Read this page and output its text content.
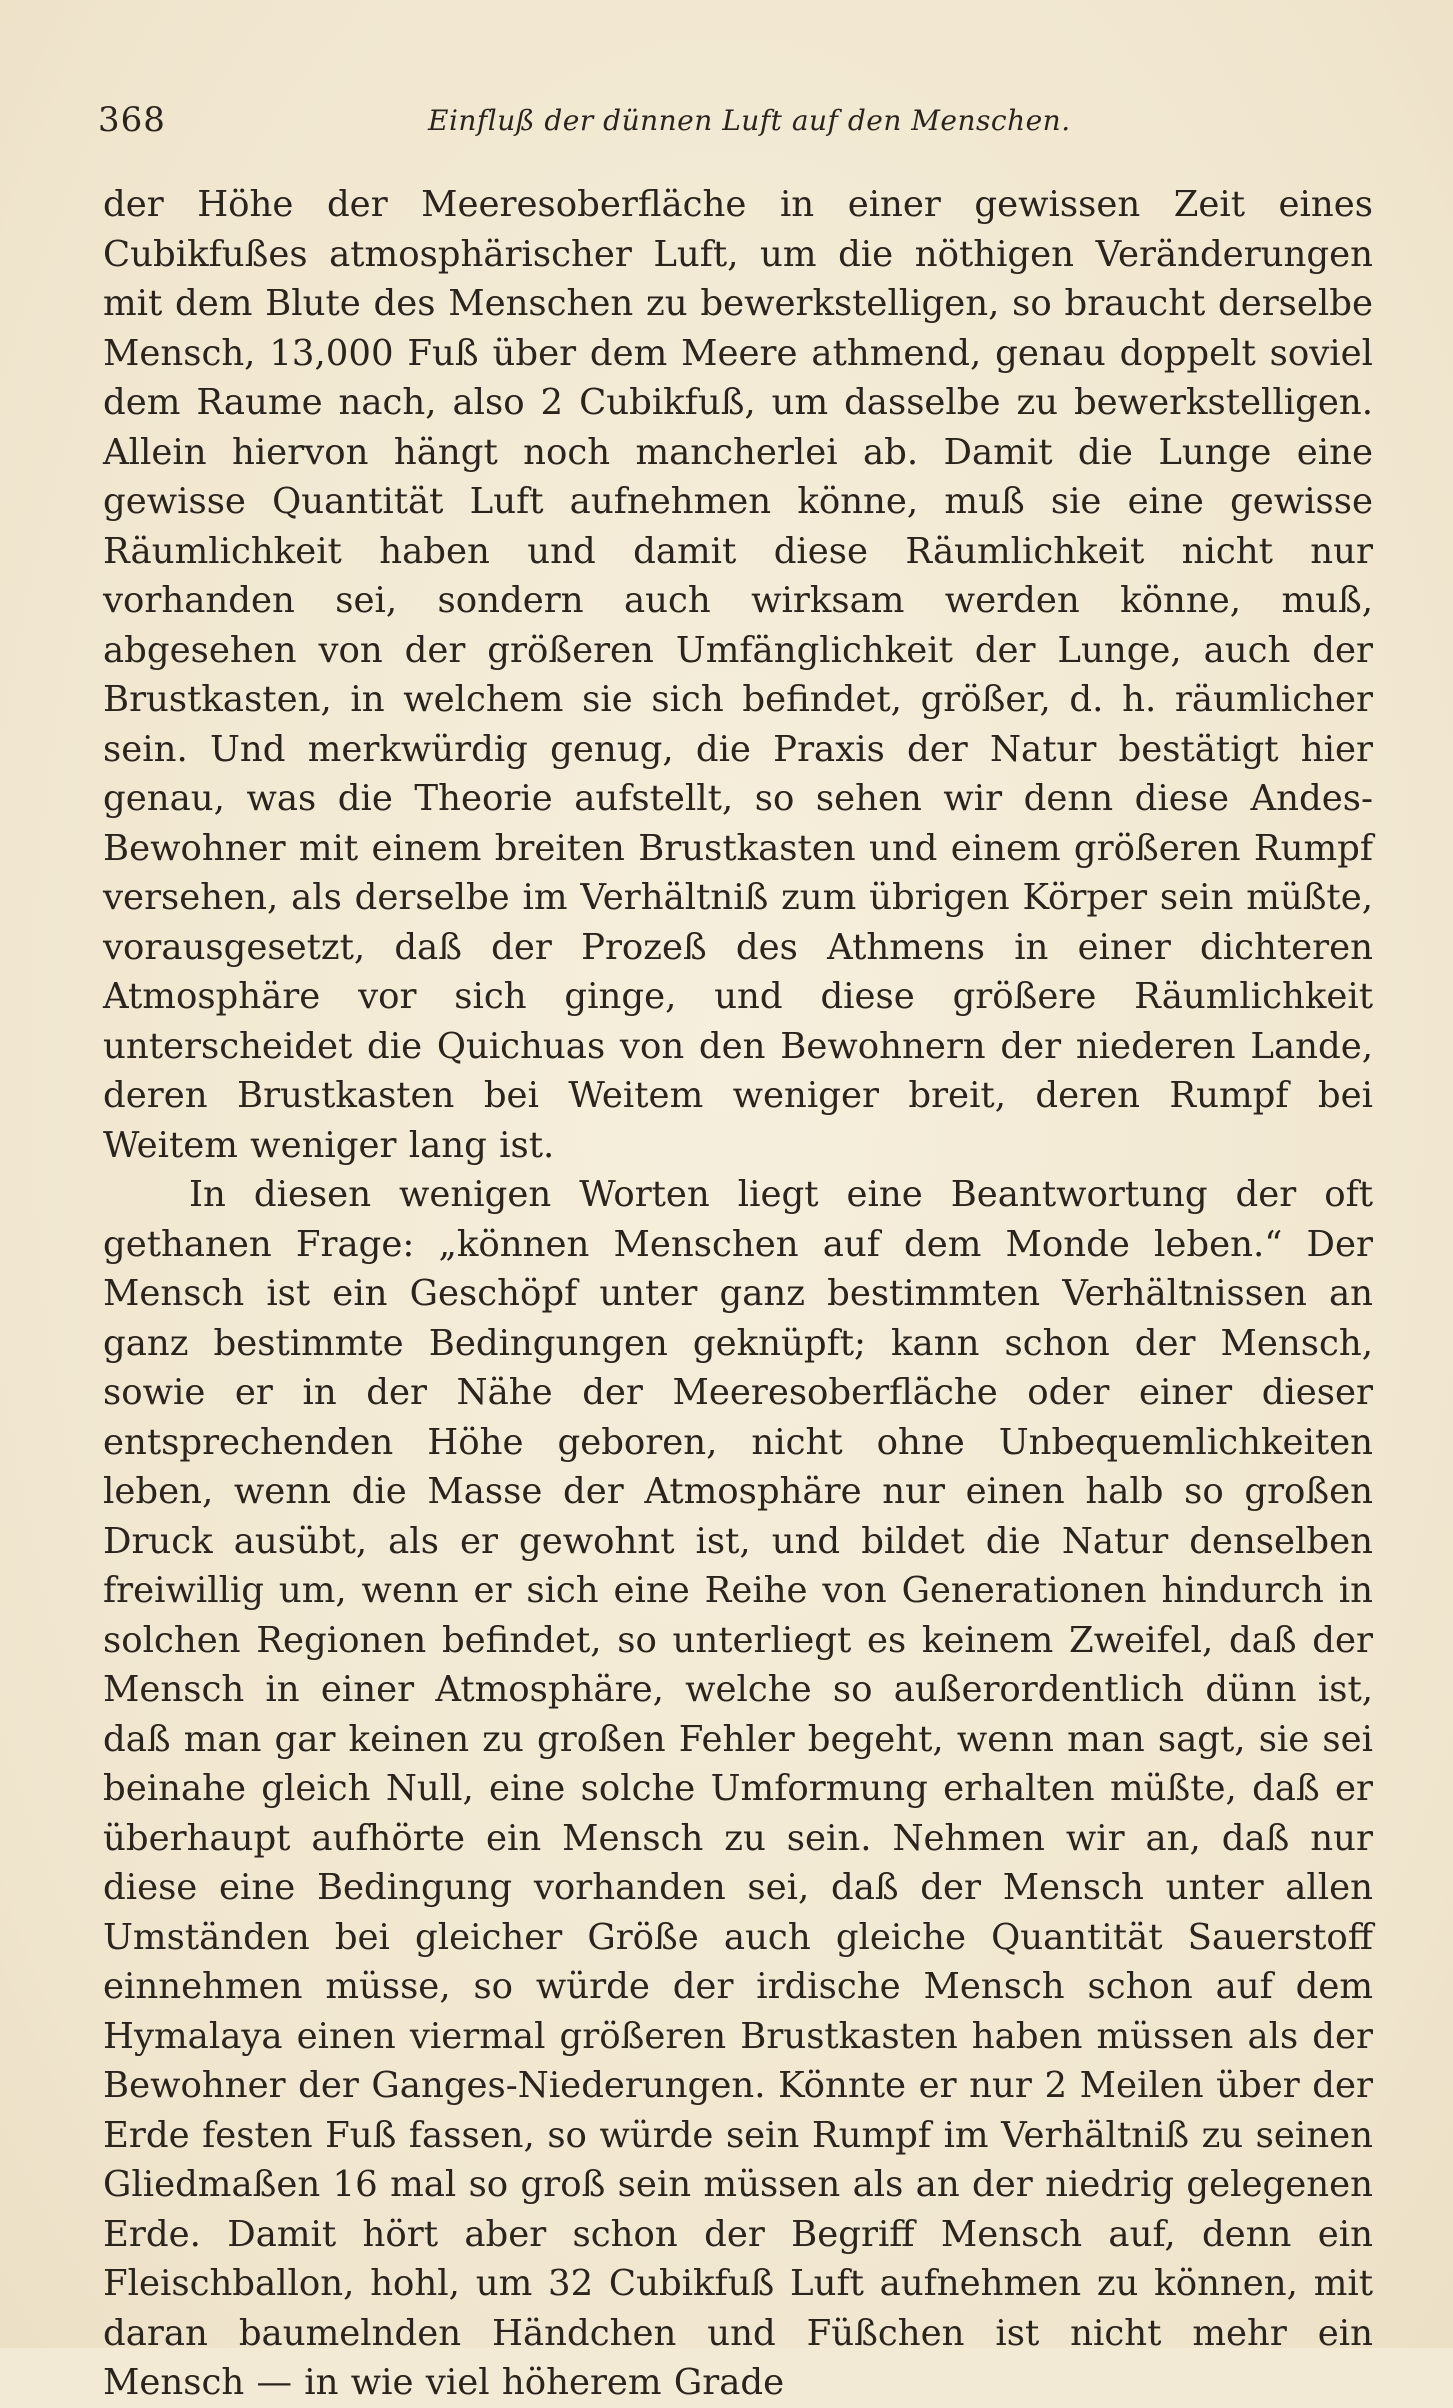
368	Einfluß der dünnen Luft auf den Menschen.

der Höhe der Meeresoberfläche in einer gewissen Zeit eines Cubikfußes atmosphärischer Luft, um die nöthigen Veränderungen mit dem Blute des Menschen zu bewerkstelligen, so braucht derselbe Mensch, 13,000 Fuß über dem Meere athmend, genau doppelt soviel dem Raume nach, also 2 Cubikfuß, um dasselbe zu bewerkstelligen. Allein hiervon hängt noch mancherlei ab. Damit die Lunge eine gewisse Quantität Luft aufnehmen könne, muß sie eine gewisse Räumlichkeit haben und damit diese Räumlichkeit nicht nur vorhanden sei, sondern auch wirksam werden könne, muß, abgesehen von der größeren Umfänglichkeit der Lunge, auch der Brustkasten, in welchem sie sich befindet, größer, d. h. räumlicher sein. Und merkwürdig genug, die Praxis der Natur bestätigt hier genau, was die Theorie aufstellt, so sehen wir denn diese Andes-Bewohner mit einem breiten Brustkasten und einem größeren Rumpf versehen, als derselbe im Verhältniß zum übrigen Körper sein müßte, vorausgesetzt, daß der Prozeß des Athmens in einer dichteren Atmosphäre vor sich ginge, und diese größere Räumlichkeit unterscheidet die Quichuas von den Bewohnern der niederen Lande, deren Brustkasten bei Weitem weniger breit, deren Rumpf bei Weitem weniger lang ist.

In diesen wenigen Worten liegt eine Beantwortung der oft gethanen Frage: „können Menschen auf dem Monde leben.“ Der Mensch ist ein Geschöpf unter ganz bestimmten Verhältnissen an ganz bestimmte Bedingungen geknüpft; kann schon der Mensch, sowie er in der Nähe der Meeresoberfläche oder einer dieser entsprechenden Höhe geboren, nicht ohne Unbequemlichkeiten leben, wenn die Masse der Atmosphäre nur einen halb so großen Druck ausübt, als er gewohnt ist, und bildet die Natur denselben freiwillig um, wenn er sich eine Reihe von Generationen hindurch in solchen Regionen befindet, so unterliegt es keinem Zweifel, daß der Mensch in einer Atmosphäre, welche so außerordentlich dünn ist, daß man gar keinen zu großen Fehler begeht, wenn man sagt, sie sei beinahe gleich Null, eine solche Umformung erhalten müßte, daß er überhaupt aufhörte ein Mensch zu sein. Nehmen wir an, daß nur diese eine Bedingung vorhanden sei, daß der Mensch unter allen Umständen bei gleicher Größe auch gleiche Quantität Sauerstoff einnehmen müsse, so würde der irdische Mensch schon auf dem Hymalaya einen viermal größeren Brustkasten haben müssen als der Bewohner der Ganges-Niederungen. Könnte er nur 2 Meilen über der Erde festen Fuß fassen, so würde sein Rumpf im Verhältniß zu seinen Gliedmaßen 16 mal so groß sein müssen als an der niedrig gelegenen Erde. Damit hört aber schon der Begriff Mensch auf, denn ein Fleischballon, hohl, um 32 Cubikfuß Luft aufnehmen zu können, mit daran baumelnden Händchen und Füßchen ist nicht mehr ein Mensch — in wie viel höherem Grade
